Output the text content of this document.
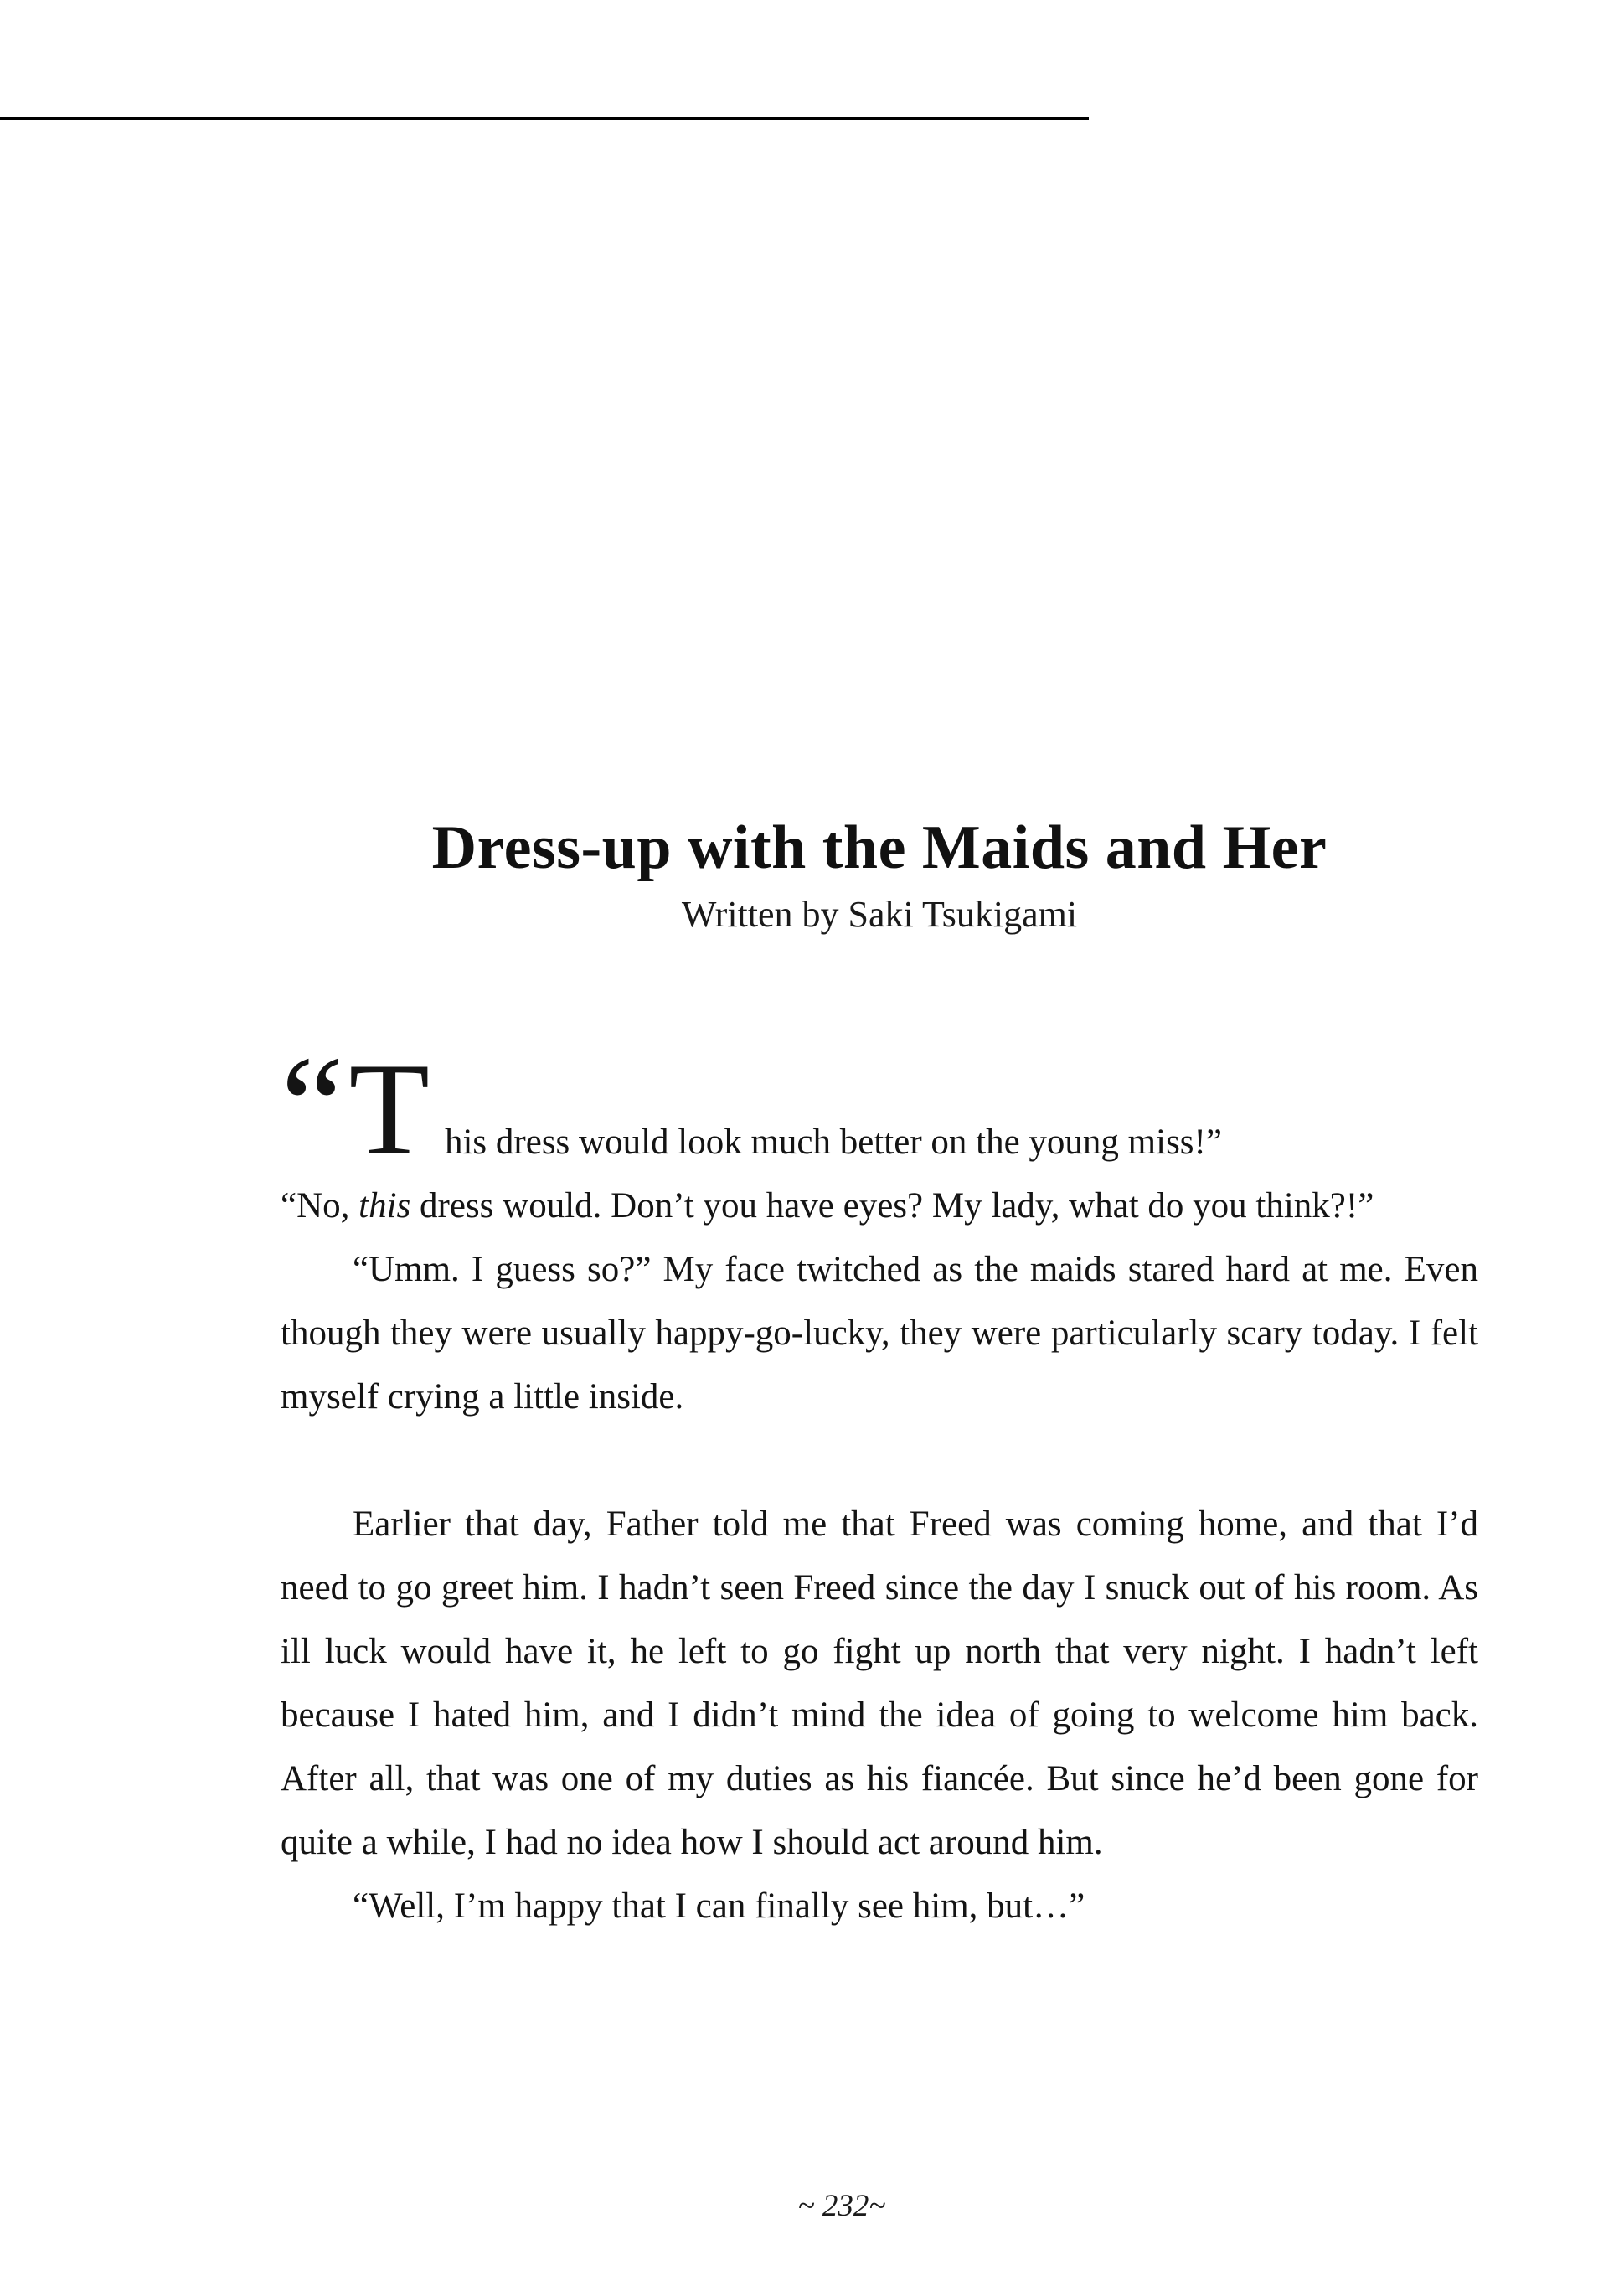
Dress-up with the Maids and Her
Written by Saki Tsukigami

“T his dress would look much better on the young miss!”

“No, this dress would. Don’t you have eyes? My lady, what do you think?!”

“Umm. I guess so?” My face twitched as the maids stared hard at me. Even though they were usually happy-go-lucky, they were particularly scary today. I felt myself crying a little inside.

Earlier that day, Father told me that Freed was coming home, and that I’d need to go greet him. I hadn’t seen Freed since the day I snuck out of his room. As ill luck would have it, he left to go fight up north that very night. I hadn’t left because I hated him, and I didn’t mind the idea of going to welcome him back. After all, that was one of my duties as his fiancée. But since he’d been gone for quite a while, I had no idea how I should act around him.

“Well, I’m happy that I can finally see him, but…”

~ 232~
